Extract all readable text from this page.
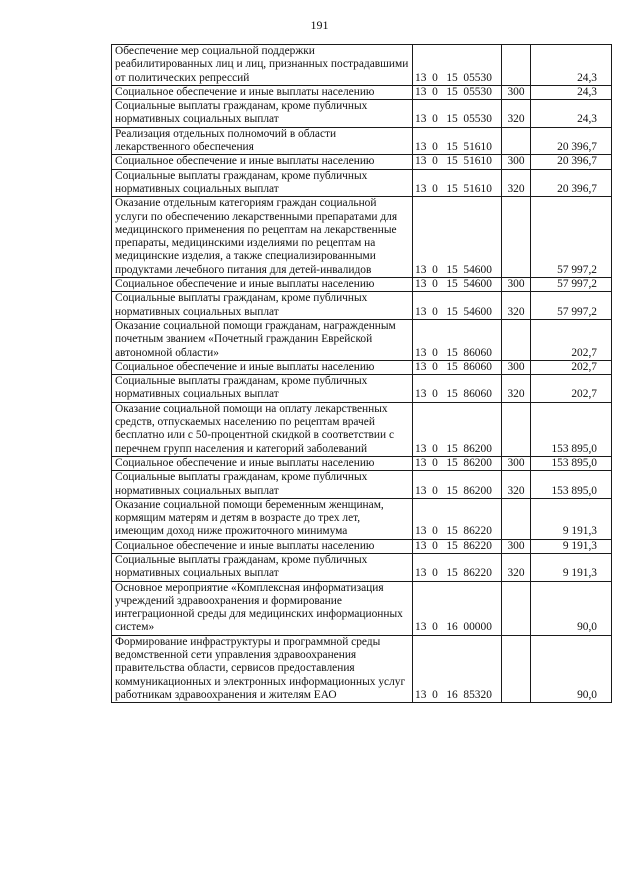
191
Обеспечение мер социальной поддержки реабилитированных лиц и лиц, признанных пострадавшими от политических репрессий	13  0   15  05530		24,3
Социальное обеспечение и иные выплаты населению	13  0   15  05530	300	24,3
Социальные выплаты гражданам, кроме публичных нормативных социальных выплат	13  0   15  05530	320	24,3
Реализация отдельных полномочий в области лекарственного обеспечения	13  0   15  51610		20 396,7
Социальное обеспечение и иные выплаты населению	13  0   15  51610	300	20 396,7
Социальные выплаты гражданам, кроме публичных нормативных социальных выплат	13  0   15  51610	320	20 396,7
Оказание отдельным категориям граждан социальной услуги по обеспечению лекарственными препаратами для медицинского применения по рецептам на лекарственные препараты, медицинскими изделиями по рецептам на медицинские изделия, а также специализированными продуктами лечебного питания для детей-инвалидов	13  0   15  54600		57 997,2
Социальное обеспечение и иные выплаты населению	13  0   15  54600	300	57 997,2
Социальные выплаты гражданам, кроме публичных нормативных социальных выплат	13  0   15  54600	320	57 997,2
Оказание социальной помощи гражданам, награжденным почетным званием «Почетный гражданин Еврейской автономной области»	13  0   15  86060		202,7
Социальное обеспечение и иные выплаты населению	13  0   15  86060	300	202,7
Социальные выплаты гражданам, кроме публичных нормативных социальных выплат	13  0   15  86060	320	202,7
Оказание социальной помощи на оплату лекарственных средств, отпускаемых населению по рецептам врачей бесплатно или с 50-процентной скидкой в соответствии с перечнем групп населения и категорий заболеваний	13  0   15  86200		153 895,0
Социальное обеспечение и иные выплаты населению	13  0   15  86200	300	153 895,0
Социальные выплаты гражданам, кроме публичных нормативных социальных выплат	13  0   15  86200	320	153 895,0
Оказание социальной помощи беременным женщинам, кормящим матерям и детям в возрасте до трех лет, имеющим доход ниже прожиточного минимума	13  0   15  86220		9 191,3
Социальное обеспечение и иные выплаты населению	13  0   15  86220	300	9 191,3
Социальные выплаты гражданам, кроме публичных нормативных социальных выплат	13  0   15  86220	320	9 191,3
Основное мероприятие «Комплексная информатизация учреждений здравоохранения и формирование интеграционной среды для медицинских информационных систем»	13  0   16  00000		90,0
Формирование инфраструктуры и программной среды ведомственной сети управления здравоохранения правительства области, сервисов предоставления коммуникационных и электронных информационных услуг работникам здравоохранения и жителям ЕАО	13  0   16  85320		90,0
